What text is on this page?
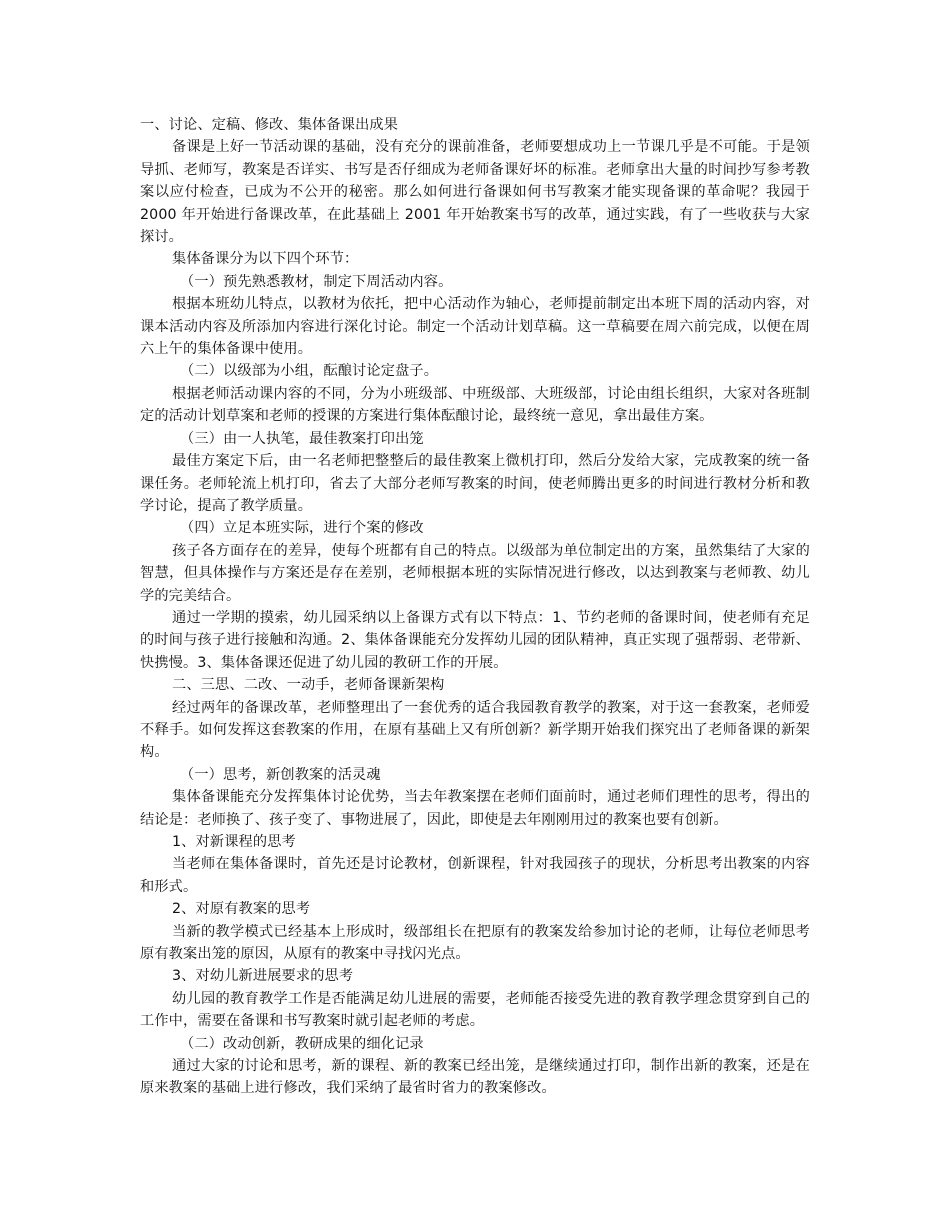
一、讨论、定稿、修改、集体备课出成果

备课是上好一节活动课的基础，没有充分的课前准备，老师要想成功上一节课几乎是不可能。于是领导抓、老师写，教案是否详实、书写是否仔细成为老师备课好坏的标准。老师拿出大量的时间抄写参考教案以应付检查，已成为不公开的秘密。那么如何进行备课如何书写教案才能实现备课的革命呢？我园于 2000 年开始进行备课改革，在此基础上 2001 年开始教案书写的改革，通过实践，有了一些收获与大家探讨。

集体备课分为以下四个环节：

（一）预先熟悉教材，制定下周活动内容。

根据本班幼儿特点，以教材为依托，把中心活动作为轴心，老师提前制定出本班下周的活动内容，对课本活动内容及所添加内容进行深化讨论。制定一个活动计划草稿。这一草稿要在周六前完成，以便在周六上午的集体备课中使用。

（二）以级部为小组，酝酿讨论定盘子。

根据老师活动课内容的不同，分为小班级部、中班级部、大班级部，讨论由组长组织，大家对各班制定的活动计划草案和老师的授课的方案进行集体酝酿讨论，最终统一意见，拿出最佳方案。

（三）由一人执笔，最佳教案打印出笼

最佳方案定下后，由一名老师把整整后的最佳教案上微机打印，然后分发给大家，完成教案的统一备课任务。老师轮流上机打印，省去了大部分老师写教案的时间，使老师腾出更多的时间进行教材分析和教学讨论，提高了教学质量。

（四）立足本班实际，进行个案的修改

孩子各方面存在的差异，使每个班都有自己的特点。以级部为单位制定出的方案，虽然集结了大家的智慧，但具体操作与方案还是存在差别，老师根据本班的实际情况进行修改，以达到教案与老师教、幼儿学的完美结合。

通过一学期的摸索，幼儿园采纳以上备课方式有以下特点：1、节约老师的备课时间，使老师有充足的时间与孩子进行接触和沟通。2、集体备课能充分发挥幼儿园的团队精神，真正实现了强帮弱、老带新、快携慢。3、集体备课还促进了幼儿园的教研工作的开展。

二、三思、二改、一动手，老师备课新架构

经过两年的备课改革，老师整理出了一套优秀的适合我园教育教学的教案，对于这一套教案，老师爱不释手。如何发挥这套教案的作用，在原有基础上又有所创新？新学期开始我们探究出了老师备课的新架构。

（一）思考，新创教案的活灵魂

集体备课能充分发挥集体讨论优势，当去年教案摆在老师们面前时，通过老师们理性的思考，得出的结论是：老师换了、孩子变了、事物进展了，因此，即使是去年刚刚用过的教案也要有创新。

1、对新课程的思考

当老师在集体备课时，首先还是讨论教材，创新课程，针对我园孩子的现状，分析思考出教案的内容和形式。

2、对原有教案的思考

当新的教学模式已经基本上形成时，级部组长在把原有的教案发给参加讨论的老师，让每位老师思考原有教案出笼的原因，从原有的教案中寻找闪光点。

3、对幼儿新进展要求的思考

幼儿园的教育教学工作是否能满足幼儿进展的需要，老师能否接受先进的教育教学理念贯穿到自己的工作中，需要在备课和书写教案时就引起老师的考虑。

（二）改动创新，教研成果的细化记录

通过大家的讨论和思考，新的课程、新的教案已经出笼，是继续通过打印，制作出新的教案，还是在原来教案的基础上进行修改，我们采纳了最省时省力的教案修改。
